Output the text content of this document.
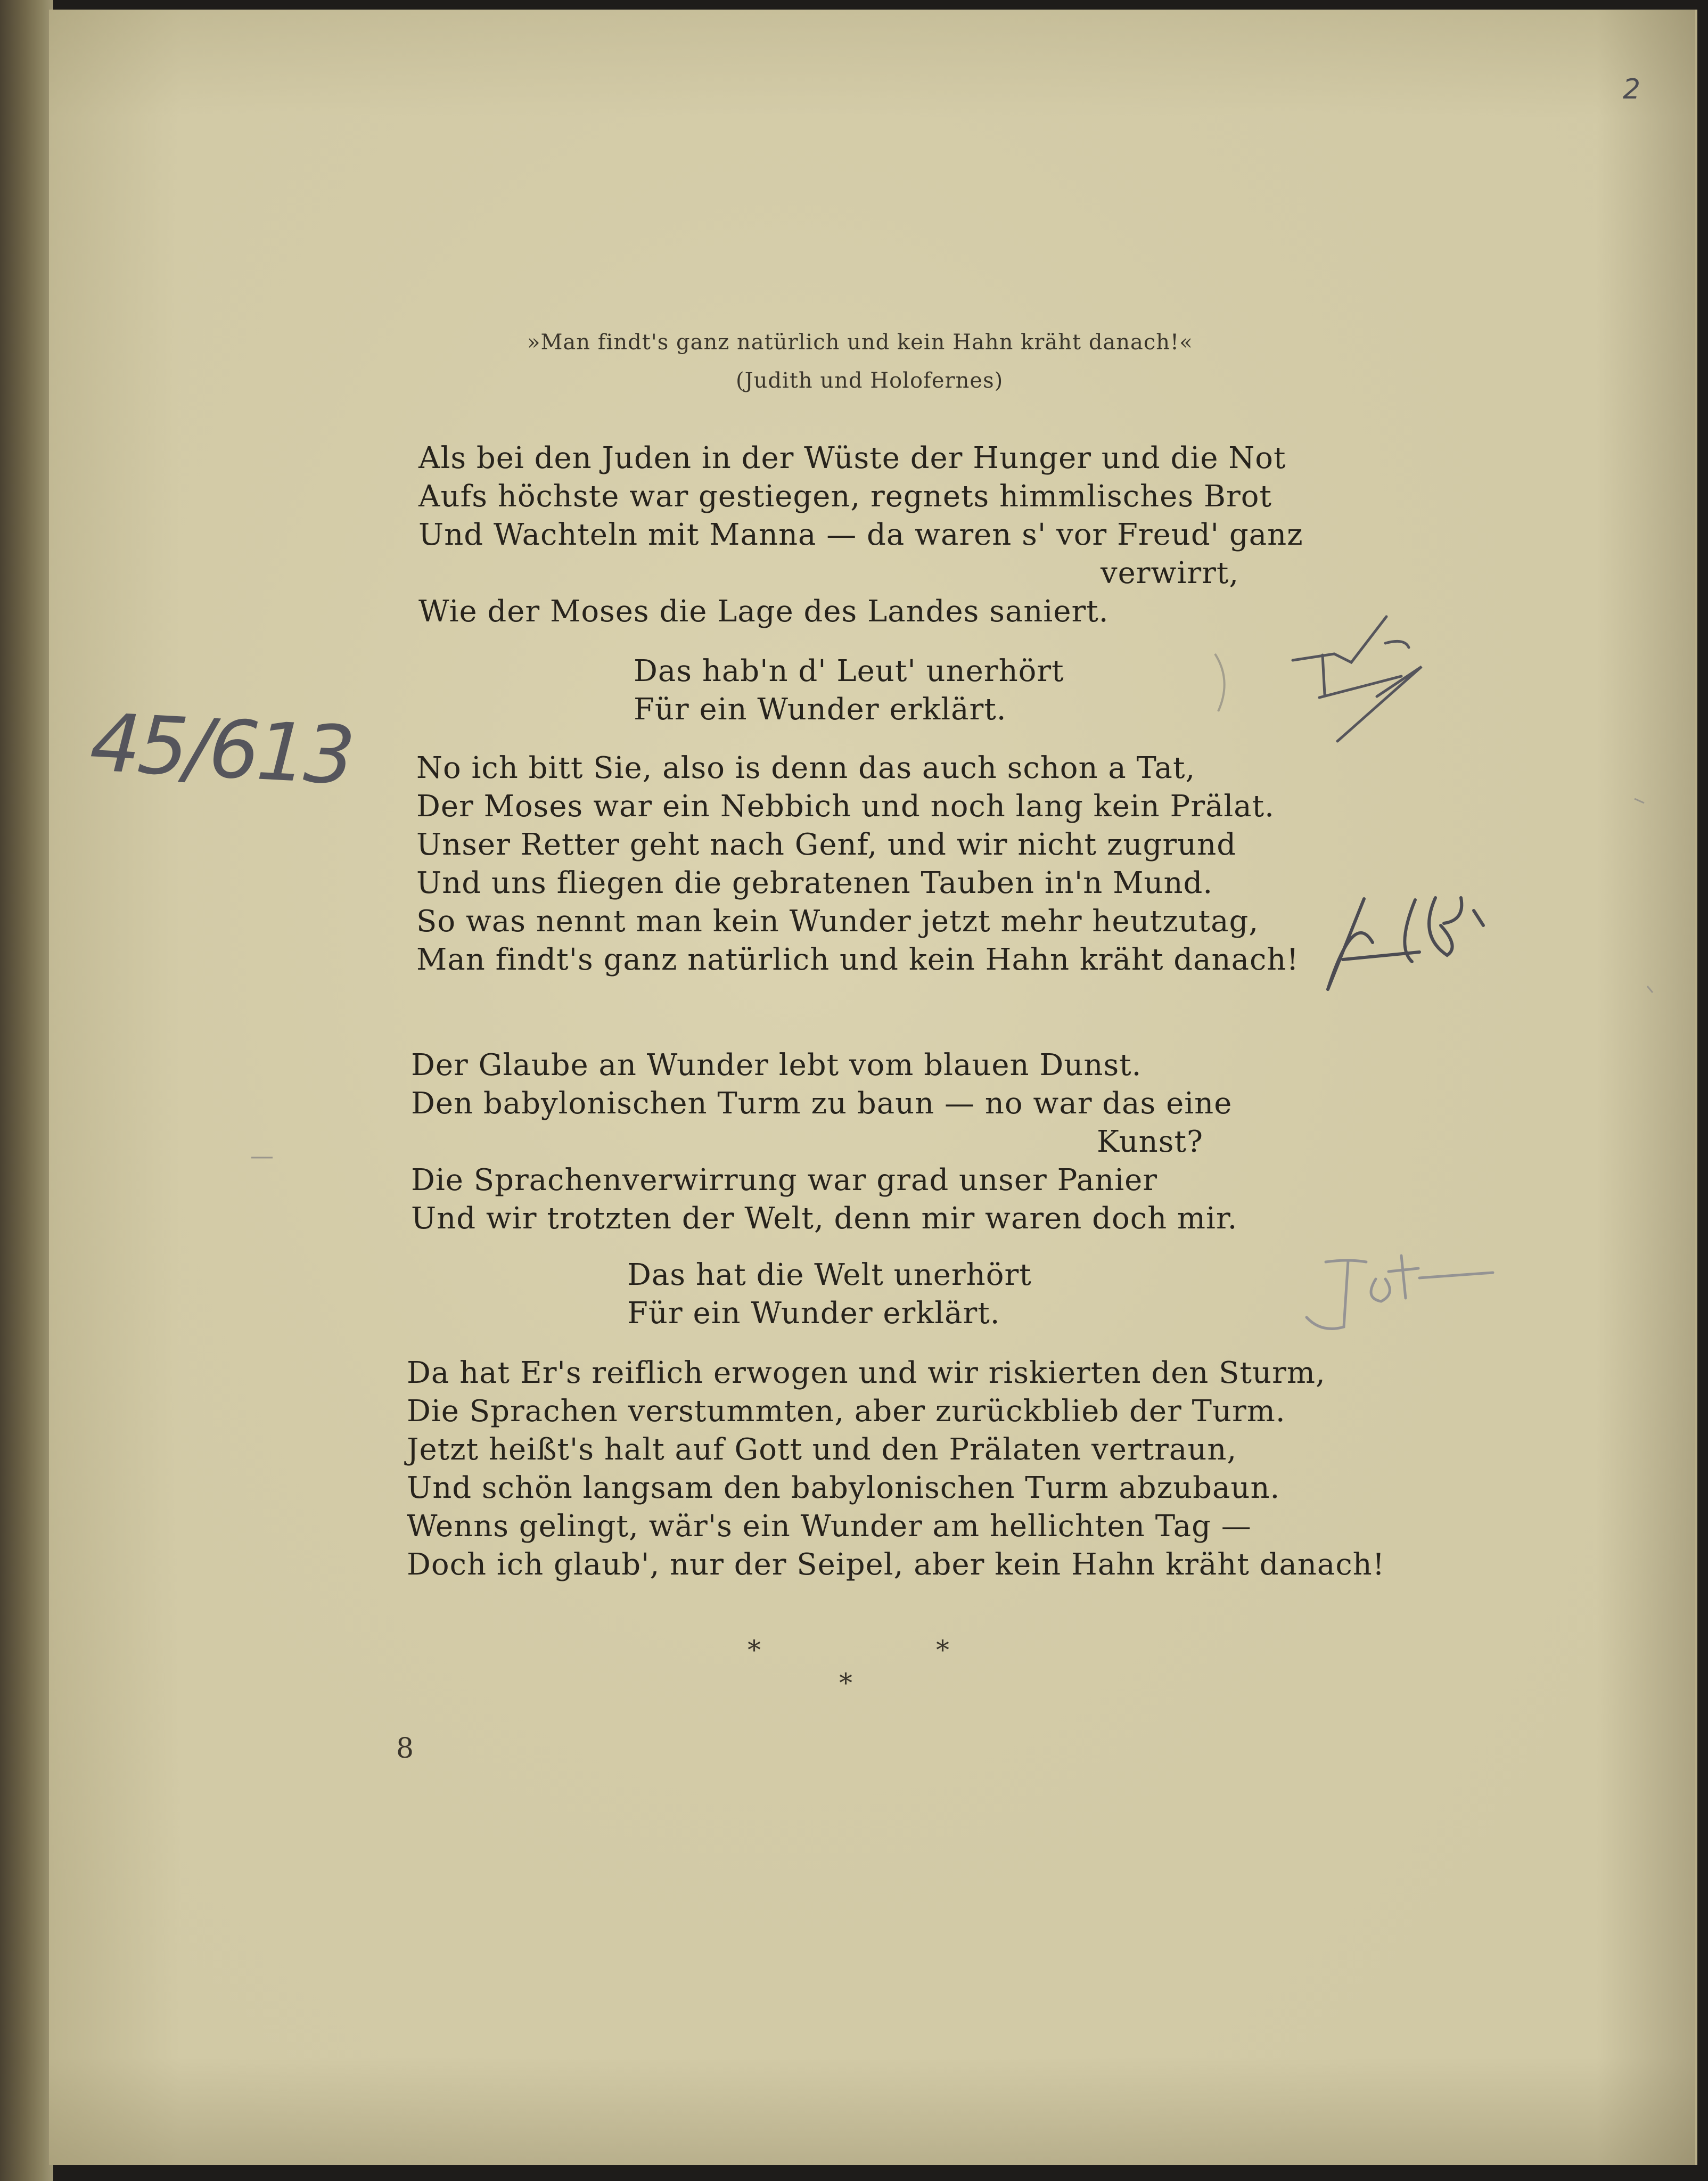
2
45/613
»Man findt's ganz natürlich und kein Hahn kräht danach!«
(Judith und Holofernes)
Als bei den Juden in der Wüste der Hunger und die Not
Aufs höchste war gestiegen, regnets himmlisches Brot
Und Wachteln mit Manna — da waren s' vor Freud' ganz
verwirrt,
Wie der Moses die Lage des Landes saniert.
Das hab'n d' Leut' unerhört
Für ein Wunder erklärt.
No ich bitt Sie, also is denn das auch schon a Tat,
Der Moses war ein Nebbich und noch lang kein Prälat.
Unser Retter geht nach Genf, und wir nicht zugrund
Und uns fliegen die gebratenen Tauben in'n Mund.
So was nennt man kein Wunder jetzt mehr heutzutag,
Man findt's ganz natürlich und kein Hahn kräht danach!
Der Glaube an Wunder lebt vom blauen Dunst.
Den babylonischen Turm zu baun — no war das eine
Kunst?
Die Sprachenverwirrung war grad unser Panier
Und wir trotzten der Welt, denn mir waren doch mir.
Das hat die Welt unerhört
Für ein Wunder erklärt.
Da hat Er's reiflich erwogen und wir riskierten den Sturm,
Die Sprachen verstummten, aber zurückblieb der Turm.
Jetzt heißt's halt auf Gott und den Prälaten vertraun,
Und schön langsam den babylonischen Turm abzubaun.
Wenns gelingt, wär's ein Wunder am hellichten Tag —
Doch ich glaub', nur der Seipel, aber kein Hahn kräht danach!
*	*
*
8
